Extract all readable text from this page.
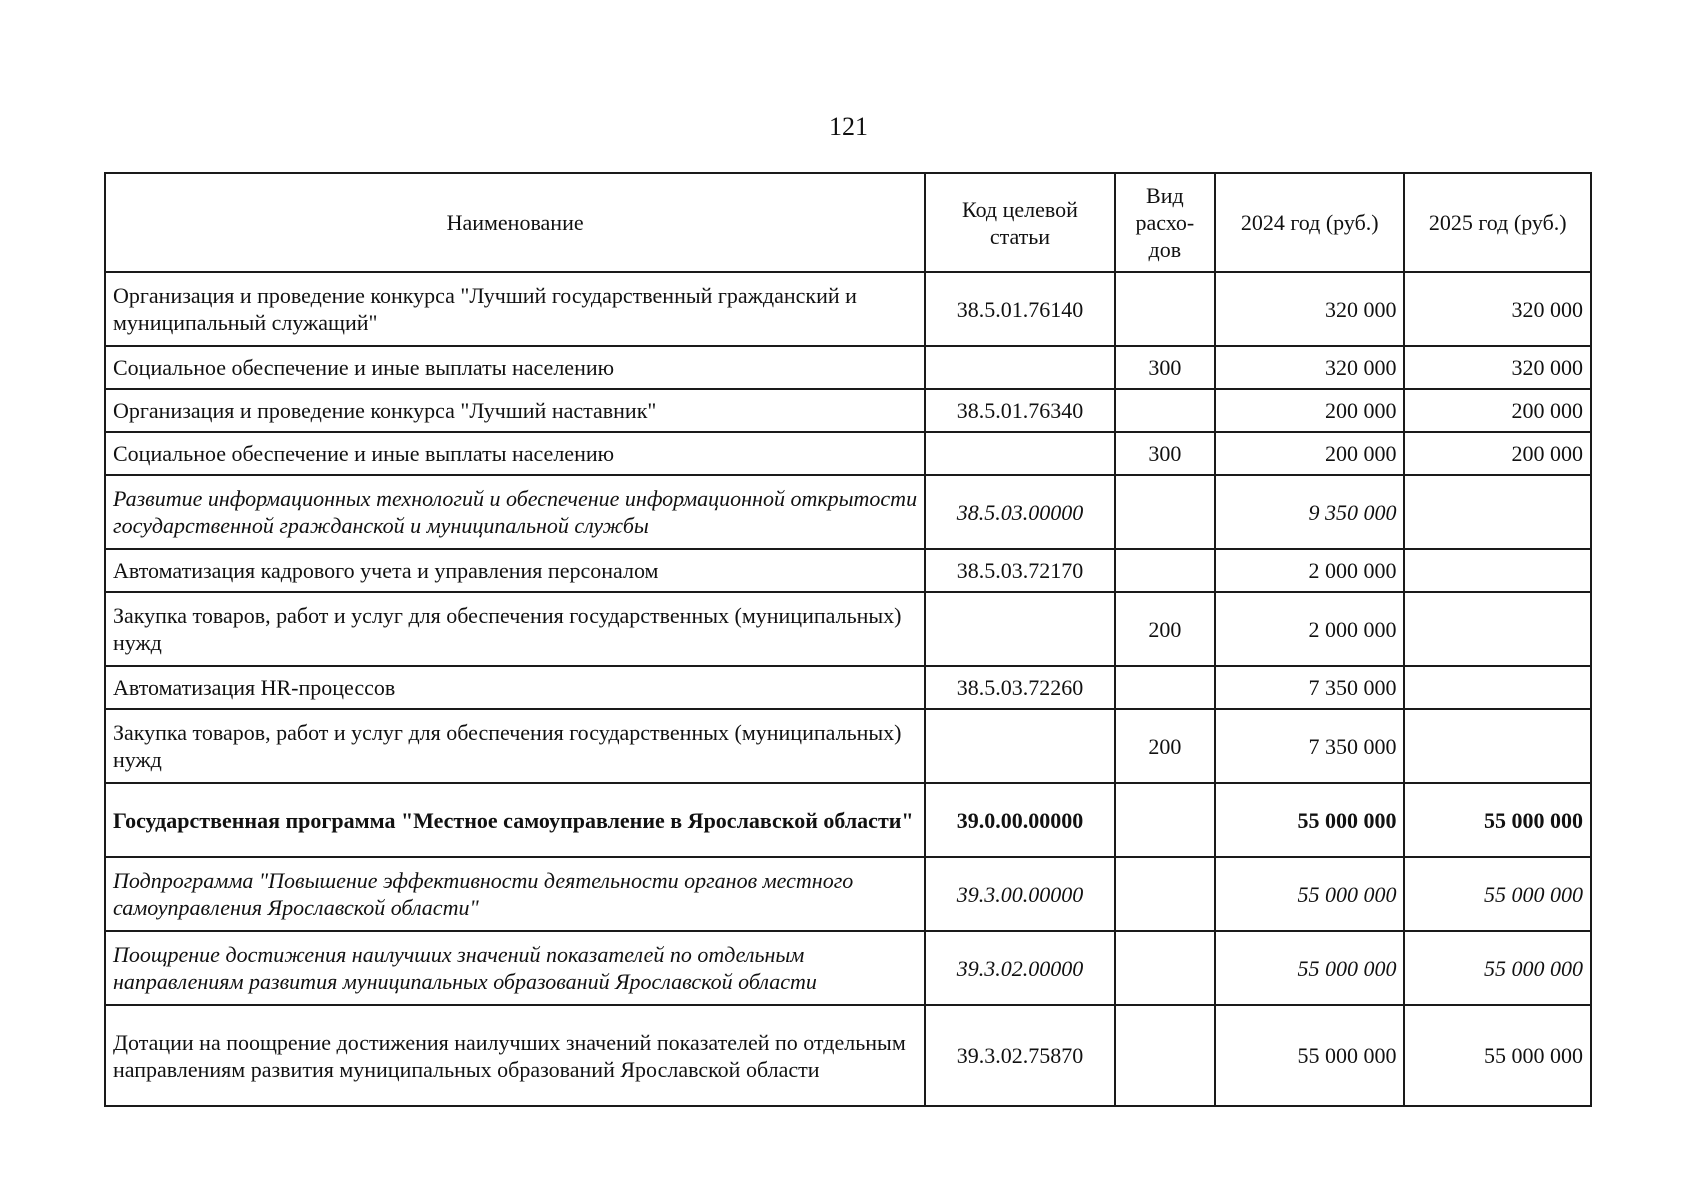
121
Наименование	Код целевой статьи	Вид расхо-дов	2024 год (руб.)	2025 год (руб.)
Организация и проведение конкурса "Лучший государственный гражданский и муниципальный служащий"	38.5.01.76140		320 000	320 000
Социальное обеспечение и иные выплаты населению		300	320 000	320 000
Организация и проведение конкурса "Лучший наставник"	38.5.01.76340		200 000	200 000
Социальное обеспечение и иные выплаты населению		300	200 000	200 000
Развитие информационных технологий и обеспечение информационной открытости государственной гражданской и муниципальной службы	38.5.03.00000		9 350 000	
Автоматизация кадрового учета и управления персоналом	38.5.03.72170		2 000 000	
Закупка товаров, работ и услуг для обеспечения государственных (муниципальных) нужд		200	2 000 000	
Автоматизация HR-процессов	38.5.03.72260		7 350 000	
Закупка товаров, работ и услуг для обеспечения государственных (муниципальных) нужд		200	7 350 000	
Государственная программа "Местное самоуправление в Ярославской области"	39.0.00.00000		55 000 000	55 000 000
Подпрограмма "Повышение эффективности деятельности органов местного самоуправления Ярославской области"	39.3.00.00000		55 000 000	55 000 000
Поощрение достижения наилучших значений показателей по отдельным направлениям развития муниципальных образований Ярославской области	39.3.02.00000		55 000 000	55 000 000
Дотации на поощрение достижения наилучших значений показателей по отдельным направлениям развития муниципальных образований Ярославской области	39.3.02.75870		55 000 000	55 000 000
